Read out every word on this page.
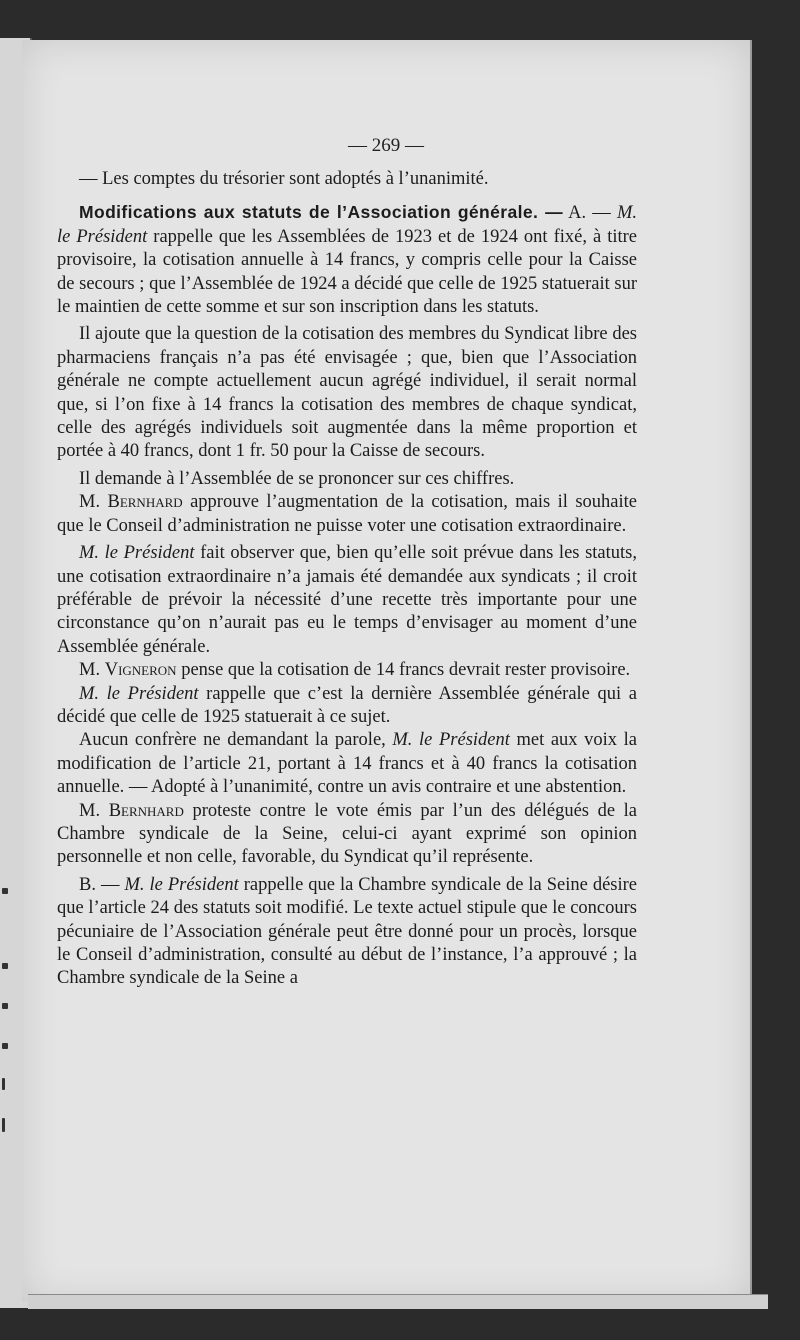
— 269 —

— Les comptes du trésorier sont adoptés à l’unanimité.

Modifications aux statuts de l’Association générale. — A. — M. le Président rappelle que les Assemblées de 1923 et de 1924 ont fixé, à titre provisoire, la cotisation annuelle à 14 francs, y compris celle pour la Caisse de secours ; que l’Assemblée de 1924 a décidé que celle de 1925 statuerait sur le maintien de cette somme et sur son inscription dans les statuts.

Il ajoute que la question de la cotisation des membres du Syndicat libre des pharmaciens français n’a pas été envisagée ; que, bien que l’Association générale ne compte actuellement aucun agrégé individuel, il serait normal que, si l’on fixe à 14 francs la cotisation des membres de chaque syndicat, celle des agrégés individuels soit augmentée dans la même proportion et portée à 40 francs, dont 1 fr. 50 pour la Caisse de secours.

Il demande à l’Assemblée de se prononcer sur ces chiffres.

M. Bernhard approuve l’augmentation de la cotisation, mais il souhaite que le Conseil d’administration ne puisse voter une cotisation extraordinaire.

M. le Président fait observer que, bien qu’elle soit prévue dans les statuts, une cotisation extraordinaire n’a jamais été demandée aux syndicats ; il croit préférable de prévoir la nécessité d’une recette très importante pour une circonstance qu’on n’aurait pas eu le temps d’envisager au moment d’une Assemblée générale.

M. Vigneron pense que la cotisation de 14 francs devrait rester provisoire.

M. le Président rappelle que c’est la dernière Assemblée générale qui a décidé que celle de 1925 statuerait à ce sujet.

Aucun confrère ne demandant la parole, M. le Président met aux voix la modification de l’article 21, portant à 14 francs et à 40 francs la cotisation annuelle. — Adopté à l’unanimité, contre un avis contraire et une abstention.

M. Bernhard proteste contre le vote émis par l’un des délégués de la Chambre syndicale de la Seine, celui-ci ayant exprimé son opinion personnelle et non celle, favorable, du Syndicat qu’il représente.

B. — M. le Président rappelle que la Chambre syndicale de la Seine désire que l’article 24 des statuts soit modifié. Le texte actuel stipule que le concours pécuniaire de l’Association générale peut être donné pour un procès, lorsque le Conseil d’administration, consulté au début de l’instance, l’a approuvé ; la Chambre syndicale de la Seine a
